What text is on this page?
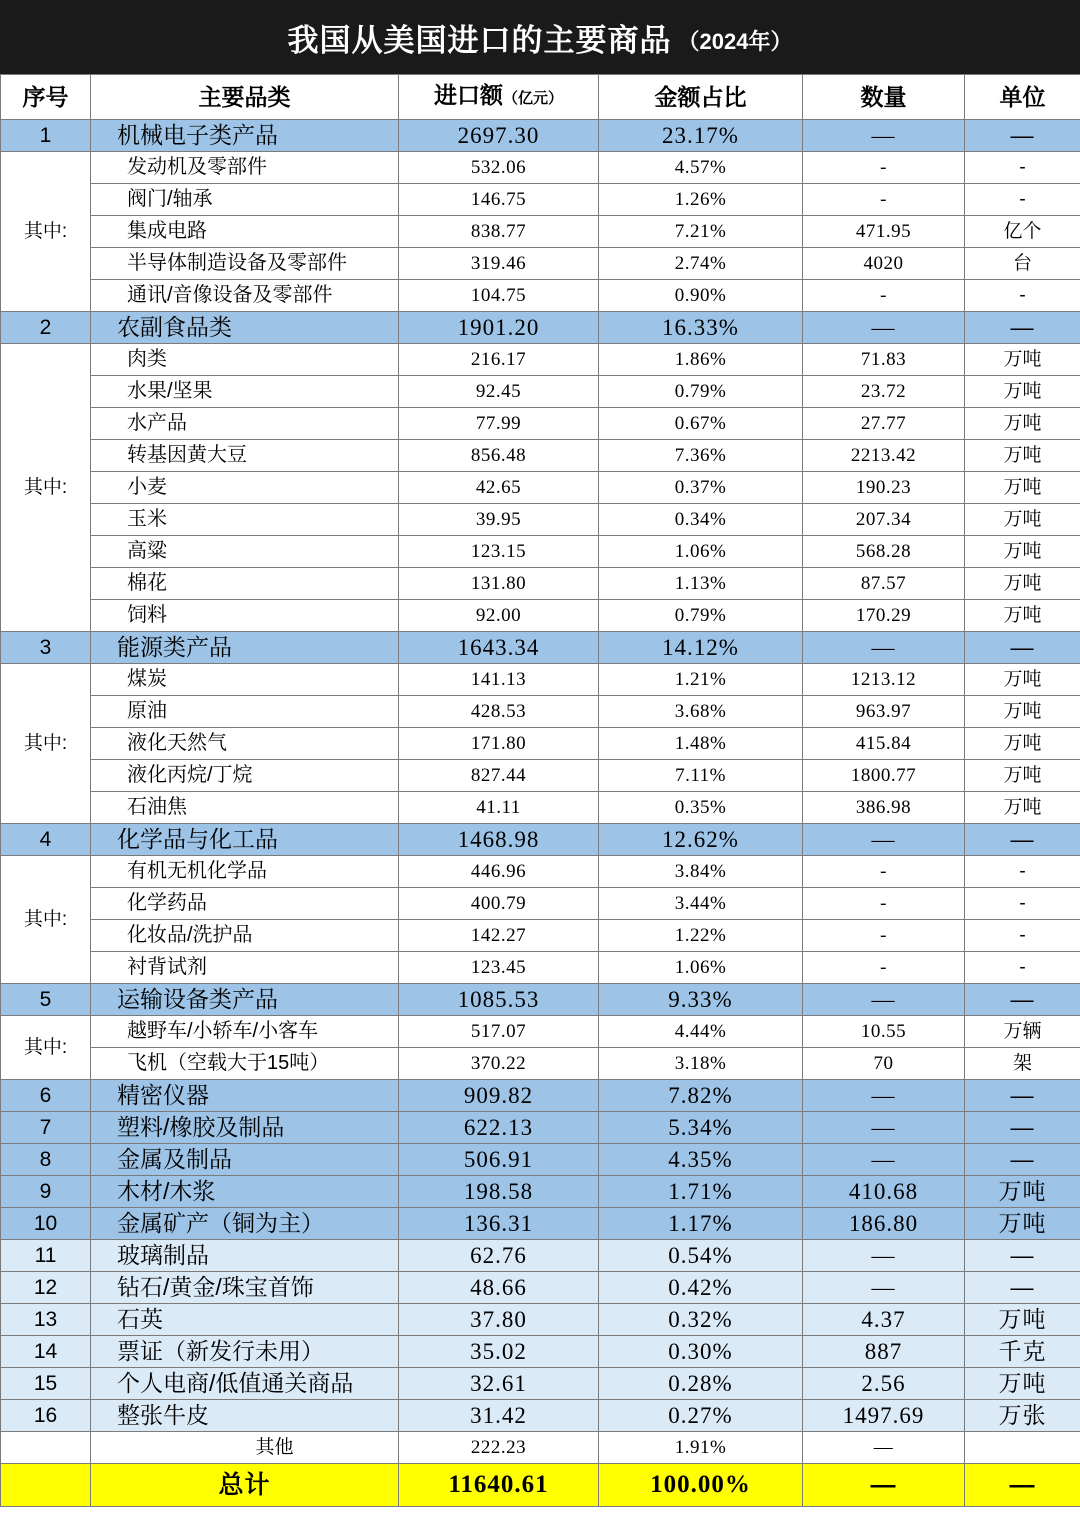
我国从美国进口的主要商品 （2024年）
序号	主要品类	进口额（亿元）	金额占比	数量	单位
1	机械电子类产品	2697.30	23.17%	—	—
其中:	发动机及零部件	532.06	4.57%	-	-
	阀门/轴承	146.75	1.26%	-	-
	集成电路	838.77	7.21%	471.95	亿个
	半导体制造设备及零部件	319.46	2.74%	4020	台
	通讯/音像设备及零部件	104.75	0.90%	-	-
2	农副食品类	1901.20	16.33%	—	—
其中:	肉类	216.17	1.86%	71.83	万吨
	水果/坚果	92.45	0.79%	23.72	万吨
	水产品	77.99	0.67%	27.77	万吨
	转基因黄大豆	856.48	7.36%	2213.42	万吨
	小麦	42.65	0.37%	190.23	万吨
	玉米	39.95	0.34%	207.34	万吨
	高粱	123.15	1.06%	568.28	万吨
	棉花	131.80	1.13%	87.57	万吨
	饲料	92.00	0.79%	170.29	万吨
3	能源类产品	1643.34	14.12%	—	—
其中:	煤炭	141.13	1.21%	1213.12	万吨
	原油	428.53	3.68%	963.97	万吨
	液化天然气	171.80	1.48%	415.84	万吨
	液化丙烷/丁烷	827.44	7.11%	1800.77	万吨
	石油焦	41.11	0.35%	386.98	万吨
4	化学品与化工品	1468.98	12.62%	—	—
其中:	有机无机化学品	446.96	3.84%	-	-
	化学药品	400.79	3.44%	-	-
	化妆品/洗护品	142.27	1.22%	-	-
	衬背试剂	123.45	1.06%	-	-
5	运输设备类产品	1085.53	9.33%	—	—
其中:	越野车/小轿车/小客车	517.07	4.44%	10.55	万辆
	飞机（空载大于15吨）	370.22	3.18%	70	架
6	精密仪器	909.82	7.82%	—	—
7	塑料/橡胶及制品	622.13	5.34%	—	—
8	金属及制品	506.91	4.35%	—	—
9	木材/木浆	198.58	1.71%	410.68	万吨
10	金属矿产（铜为主）	136.31	1.17%	186.80	万吨
11	玻璃制品	62.76	0.54%	—	—
12	钻石/黄金/珠宝首饰	48.66	0.42%	—	—
13	石英	37.80	0.32%	4.37	万吨
14	票证（新发行未用）	35.02	0.30%	887	千克
15	个人电商/低值通关商品	32.61	0.28%	2.56	万吨
16	整张牛皮	31.42	0.27%	1497.69	万张
	其他	222.23	1.91%	—	
	总计	11640.61	100.00%	—	—
